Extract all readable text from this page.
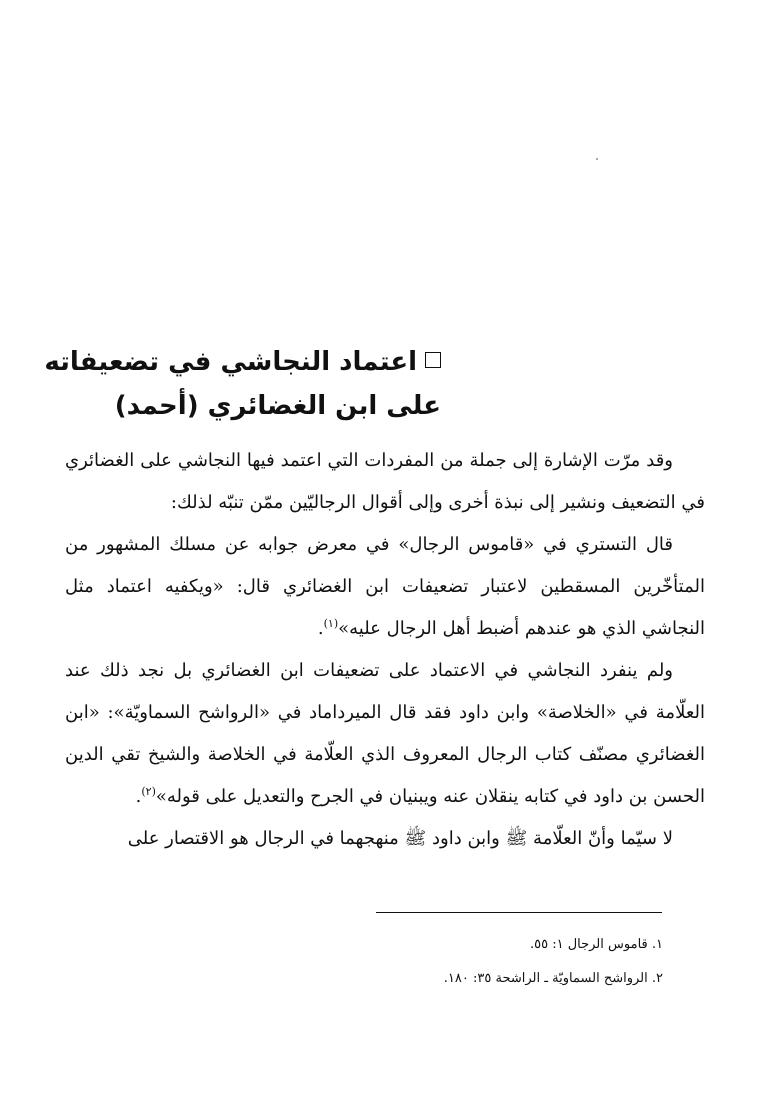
اعتماد النجاشي في تضعيفاته
على ابن الغضائري (أحمد)

وقد مرّت الإشارة إلى جملة من المفردات التي اعتمد فيها النجاشي على الغضائري في التضعيف ونشير إلى نبذة أخرى وإلى أقوال الرجاليّين ممّن تنبّه لذلك:

قال التستري في «قاموس الرجال» في معرض جوابه عن مسلك المشهور من المتأخّرين المسقطين لاعتبار تضعيفات ابن الغضائري قال: «ويكفيه اعتماد مثل النجاشي الذي هو عندهم أضبط أهل الرجال عليه»$^{(١)}$.

ولم ينفرد النجاشي في الاعتماد على تضعيفات ابن الغضائري بل نجد ذلك عند العلّامة في «الخلاصة» وابن داود فقد قال الميرداماد في «الرواشح السماويّة»: «ابن الغضائري مصنّف كتاب الرجال المعروف الذي العلّامة في الخلاصة والشيخ تقي الدين الحسن بن داود في كتابه ينقلان عنه ويبنيان في الجرح والتعديل على قوله»$^{(٢)}$.

لا سيّما وأنّ العلّامة ﷺ وابن داود ﷺ منهجهما في الرجال هو الاقتصار على

١. قاموس الرجال ١: ٥٥.
٢. الرواشح السماويّة ـ الراشحة ٣٥: ١٨٠.
